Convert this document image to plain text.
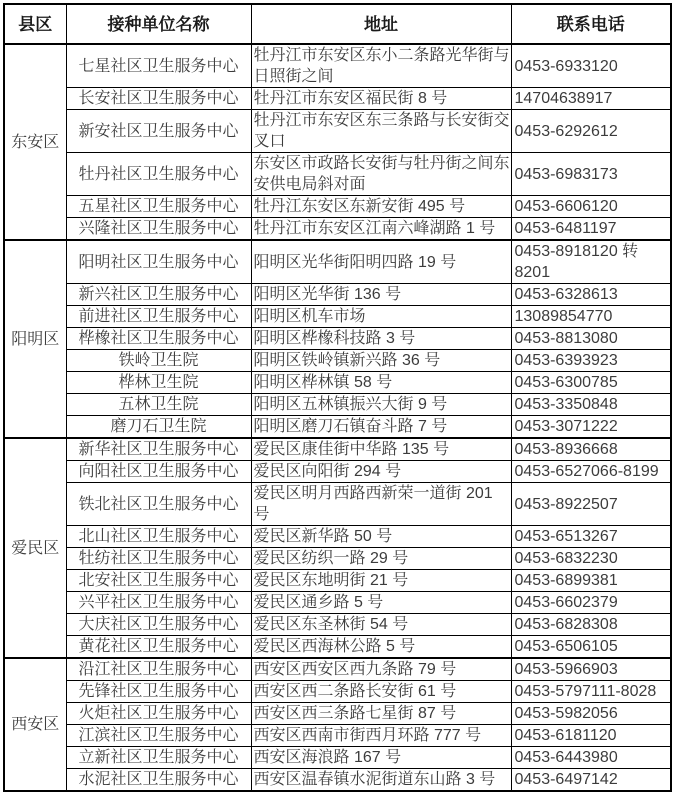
县区	接种单位名称	地址	联系电话
东安区	七星社区卫生服务中心	牡丹江市东安区东小二条路光华街与日照街之间	0453-6933120
	长安社区卫生服务中心	牡丹江市东安区福民街 8 号	14704638917
	新安社区卫生服务中心	牡丹江市东安区东三条路与长安街交叉口	0453-6292612
	牡丹社区卫生服务中心	东安区市政路长安街与牡丹街之间东安供电局斜对面	0453-6983173
	五星社区卫生服务中心	牡丹江东安区东新安街 495 号	0453-6606120
	兴隆社区卫生服务中心	牡丹江市东安区江南六峰湖路 1 号	0453-6481197
阳明区	阳明社区卫生服务中心	阳明区光华街阳明四路 19 号	0453-8918120 转 8201
	新兴社区卫生服务中心	阳明区光华街 136 号	0453-6328613
	前进社区卫生服务中心	阳明区机车市场	13089854770
	桦橡社区卫生服务中心	阳明区桦橡科技路 3 号	0453-8813080
	铁岭卫生院	阳明区铁岭镇新兴路 36 号	0453-6393923
	桦林卫生院	阳明区桦林镇 58 号	0453-6300785
	五林卫生院	阳明区五林镇振兴大街 9 号	0453-3350848
	磨刀石卫生院	阳明区磨刀石镇奋斗路 7 号	0453-3071222
爱民区	新华社区卫生服务中心	爱民区康佳街中华路 135 号	0453-8936668
	向阳社区卫生服务中心	爱民区向阳街 294 号	0453-6527066-8199
	铁北社区卫生服务中心	爱民区明月西路西新荣一道街 201 号	0453-8922507
	北山社区卫生服务中心	爱民区新华路 50 号	0453-6513267
	牡纺社区卫生服务中心	爱民区纺织一路 29 号	0453-6832230
	北安社区卫生服务中心	爱民区东地明街 21 号	0453-6899381
	兴平社区卫生服务中心	爱民区通乡路 5 号	0453-6602379
	大庆社区卫生服务中心	爱民区东圣林街 54 号	0453-6828308
	黄花社区卫生服务中心	爱民区西海林公路 5 号	0453-6506105
西安区	沿江社区卫生服务中心	西安区西安区西九条路 79 号	0453-5966903
	先锋社区卫生服务中心	西安区西二条路长安街 61 号	0453-5797111-8028
	火炬社区卫生服务中心	西安区西三条路七星街 87 号	0453-5982056
	江滨社区卫生服务中心	西安区西南市街西月环路 777 号	0453-6181120
	立新社区卫生服务中心	西安区海浪路 167 号	0453-6443980
	水泥社区卫生服务中心	西安区温春镇水泥街道东山路 3 号	0453-6497142
